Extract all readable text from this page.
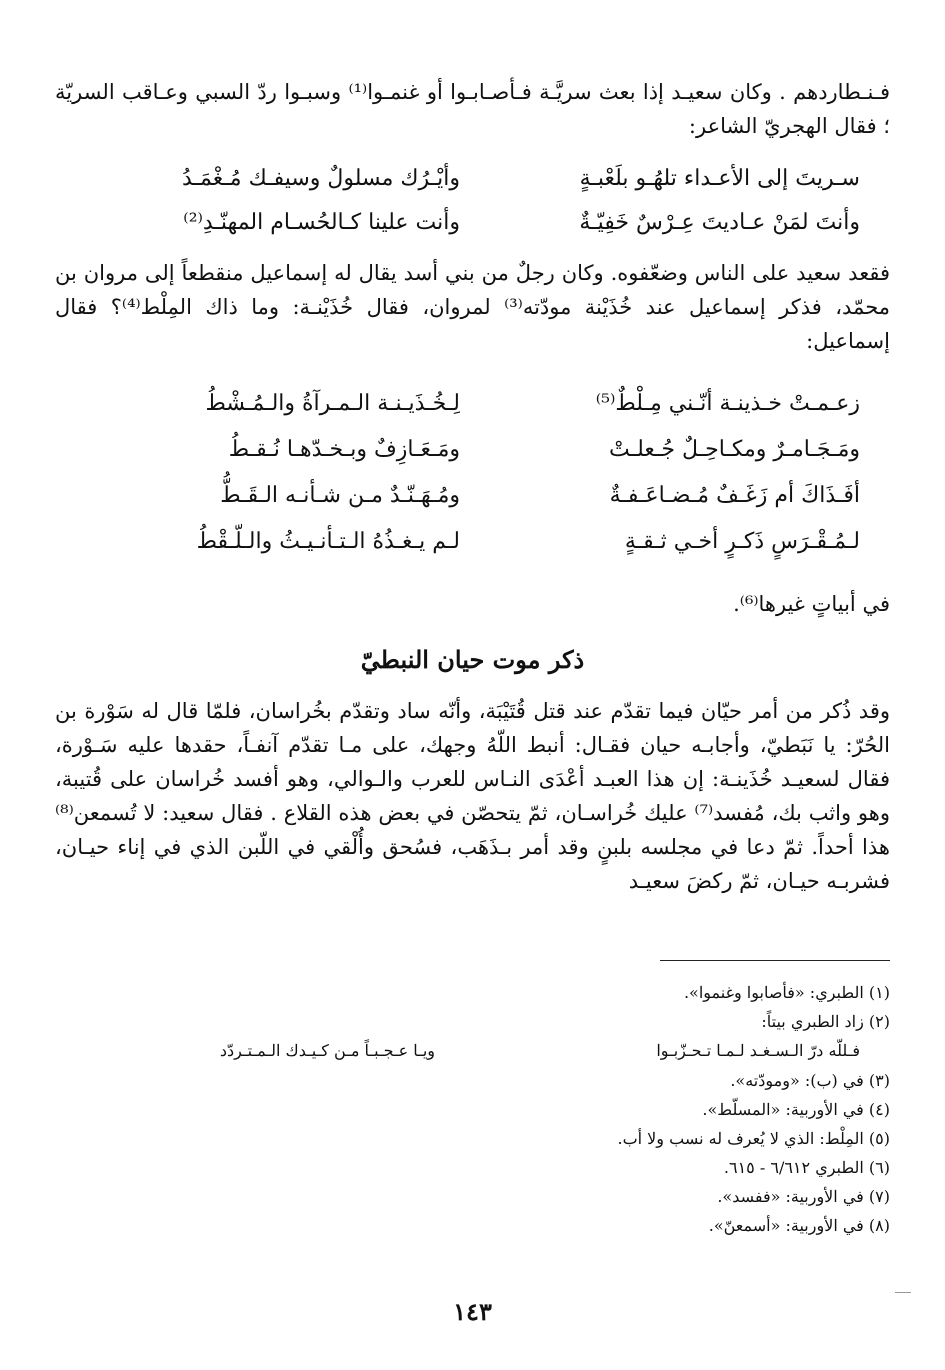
فـنـطاردهم . وكان سعيـد إذا بعث سريَّـة فـأصـابـوا أو غنمـوا⁽¹⁾ وسبـوا ردّ السبي وعـاقب السريّة ؛ فقال الهجريّ الشاعر:

سـريتَ إلى الأعـداء تلهُـو بلَعْبـةٍ
وأيْـرُك مسلولٌ وسيفـك مُـغْمَـدُ
وأنتَ لمَنْ عـاديتَ عِـرْسٌ خَفِيّـةٌ
وأنت علينا كـالحُسـام المهنّـدِ⁽²⁾

فقعد سعيد على الناس وضعّفوه. وكان رجلٌ من بني أسد يقال له إسماعيل منقطعاً إلى مروان بن محمّد، فذكر إسماعيل عند خُذَيْنة مودّته⁽³⁾ لمروان، فقال خُذَيْنـة: وما ذاك المِلْط⁽⁴⁾؟ فقال إسماعيل:

زعـمـتْ خـذينـة أنّـني مِـلْطٌ⁽⁵⁾
لِـخُـذَيـنـة الـمـرآةُ والـمُـشْطُ
ومَـجَـامـرٌ ومكـاحِـلٌ جُـعلـتْ
ومَـعَـازِفٌ وبـخـدّهـا نُـقـطُ
أفَـذَاكَ أم زَغَـفٌ مُـضـاعَـفـةٌ
ومُـهَـنّـدٌ مـن شـأنـه الـقَـطُّ
لـمُـقْـرَسٍ ذَكـرٍ أخـي ثـقـةٍ
لـم يـغـذُهُ الـتـأنـيـثُ والـلّـقْطُ

في أبياتٍ غيرها⁽⁶⁾.

ذكر موت حيان النبطيّ

وقد ذُكر من أمر حيّان فيما تقدّم عند قتل قُتَيْبَة، وأنّه ساد وتقدّم بخُراسان، فلمّا قال له سَوْرة بن الحُرّ: يا نَبَطيّ، وأجابـه حيان فقـال: أنبط اللّهُ وجهك، على مـا تقدّم آنفـاً، حقدها عليه سَـوْرة، فقال لسعيـد خُذَينـة: إن هذا العبـد أعْدَى النـاس للعرب والـوالي، وهو أفسد خُراسان على قُتيبة، وهو واثب بك، مُفسد⁽⁷⁾ عليك خُراسـان، ثمّ يتحصّن في بعض هذه القلاع . فقال سعيد: لا تُسمعن⁽⁸⁾ هذا أحداً. ثمّ دعا في مجلسه بلبنٍ وقد أمر بـذَهَب، فسُحق وأُلْقي في اللّبن الذي في إناء حيـان، فشربـه حيـان، ثمّ ركضَ سعيـد

(١) الطبري: «فأصابوا وغنموا».

(٢) زاد الطبري بيتاً:

فـللّه درّ الـسـغـد لـمـا تـحـزّبـوا
ويـا عـجـبـاً مـن كـيـدك الـمـتـردّد

(٣) في (ب): «ومودّته».

(٤) في الأوربية: «المسلّط».

(٥) المِلْط: الذي لا يُعرف له نسب ولا أب.

(٦) الطبري ٦/٦١٢ - ٦١٥.

(٧) في الأوربية: «ففسد».

(٨) في الأوربية: «أسمعنّ».

١٤٣
